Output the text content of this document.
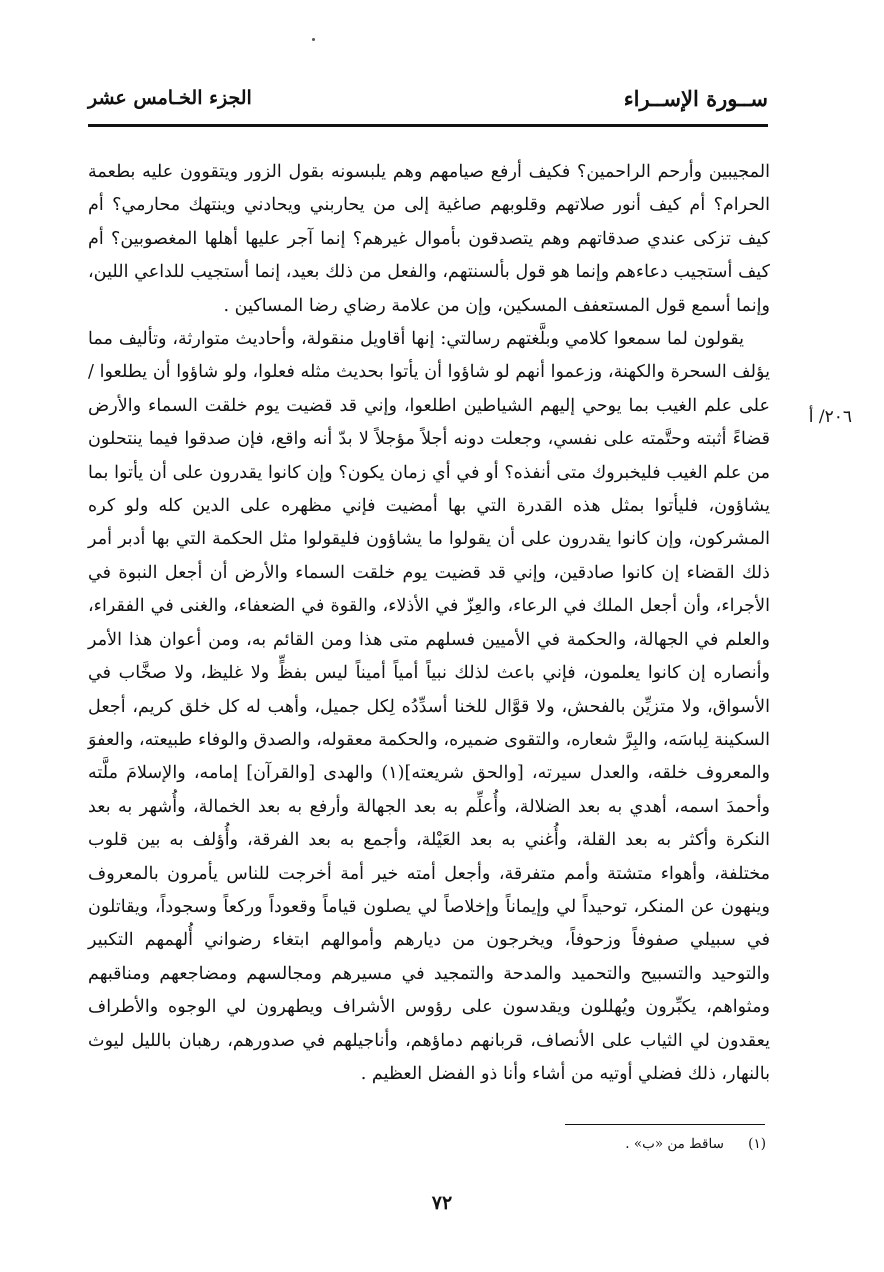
ســورة الإســراء
الجزء الخـامس عشر
٢٠٦/ أ

المجيبين وأرحم الراحمين؟ فكيف أرفع صيامهم وهم يلبسونه بقول الزور ويتقوون عليه بطعمة الحرام؟ أم كيف أنور صلاتهم وقلوبهم صاغية إلى من يحاربني ويحادني وينتهك محارمي؟ أم كيف تزكى عندي صدقاتهم وهم يتصدقون بأموال غيرهم؟ إنما آجر عليها أهلها المغصوبين؟ أم كيف أستجيب دعاءهم وإنما هو قول بألسنتهم، والفعل من ذلك بعيد، إنما أستجيب للداعي اللين، وإنما أسمع قول المستعفف المسكين، وإن من علامة رضاي رضا المساكين .

يقولون لما سمعوا كلامي وبلَّغتهم رسالتي: إنها أقاويل منقولة، وأحاديث متوارثة، وتأليف مما يؤلف السحرة والكهنة، وزعموا أنهم لو شاؤوا أن يأتوا بحديث مثله فعلوا، ولو شاؤوا أن يطلعوا / على علم الغيب بما يوحي إليهم الشياطين اطلعوا، وإني قد قضيت يوم خلقت السماء والأرض قضاءً أثبته وحتَّمته على نفسي، وجعلت دونه أجلاً مؤجلاً لا بدّ أنه واقع، فإن صدقوا فيما ينتحلون من علم الغيب فليخبروك متى أنفذه؟ أو في أي زمان يكون؟ وإن كانوا يقدرون على أن يأتوا بما يشاؤون، فليأتوا بمثل هذه القدرة التي بها أمضيت فإني مظهره على الدين كله ولو كره المشركون، وإن كانوا يقدرون على أن يقولوا ما يشاؤون فليقولوا مثل الحكمة التي بها أدبر أمر ذلك القضاء إن كانوا صادقين، وإني قد قضيت يوم خلقت السماء والأرض أن أجعل النبوة في الأجراء، وأن أجعل الملك في الرعاء، والعِزّ في الأذلاء، والقوة في الضعفاء، والغنى في الفقراء، والعلم في الجهالة، والحكمة في الأميين فسلهم متى هذا ومن القائم به، ومن أعوان هذا الأمر وأنصاره إن كانوا يعلمون، فإني باعث لذلك نبياً أمياً أميناً ليس بفظٍّ ولا غليظ، ولا صخَّاب في الأسواق، ولا متزيِّن بالفحش، ولا قوَّال للخنا أسدِّدُه لِكل جميل، وأهب له كل خلق كريم، أجعل السكينة لِباسَه، والبِرَّ شعاره، والتقوى ضميره، والحكمة معقوله، والصدق والوفاء طبيعته، والعفوَ والمعروف خلقه، والعدل سيرته، [والحق شريعته](١) والهدى [والقرآن] إمامه، والإسلامَ ملَّته وأحمدَ اسمه، أهدي به بعد الضلالة، وأُعلِّم به بعد الجهالة وأرفع به بعد الخمالة، وأُشهر به بعد النكرة وأكثر به بعد القلة، وأُغني به بعد العَيْلة، وأجمع به بعد الفرقة، وأُؤلف به بين قلوب مختلفة، وأهواء متشتة وأمم متفرقة، وأجعل أمته خير أمة أخرجت للناس يأمرون بالمعروف وينهون عن المنكر، توحيداً لي وإيماناً وإخلاصاً لي يصلون قياماً وقعوداً وركعاً وسجوداً، ويقاتلون في سبيلي صفوفاً وزحوفاً، ويخرجون من ديارهم وأموالهم ابتغاء رضواني أُلهمهم التكبير والتوحيد والتسبيح والتحميد والمدحة والتمجيد في مسيرهم ومجالسهم ومضاجعهم ومناقبهم ومثواهم، يكبِّرون ويُهللون ويقدسون على رؤوس الأشراف ويطهرون لي الوجوه والأطراف يعقدون لي الثياب على الأنصاف، قربانهم دماؤهم، وأناجيلهم في صدورهم، رهبان بالليل ليوث بالنهار، ذلك فضلي أوتيه من أشاء وأنا ذو الفضل العظيم .

(١) ساقط من «ب» .
٧٢
